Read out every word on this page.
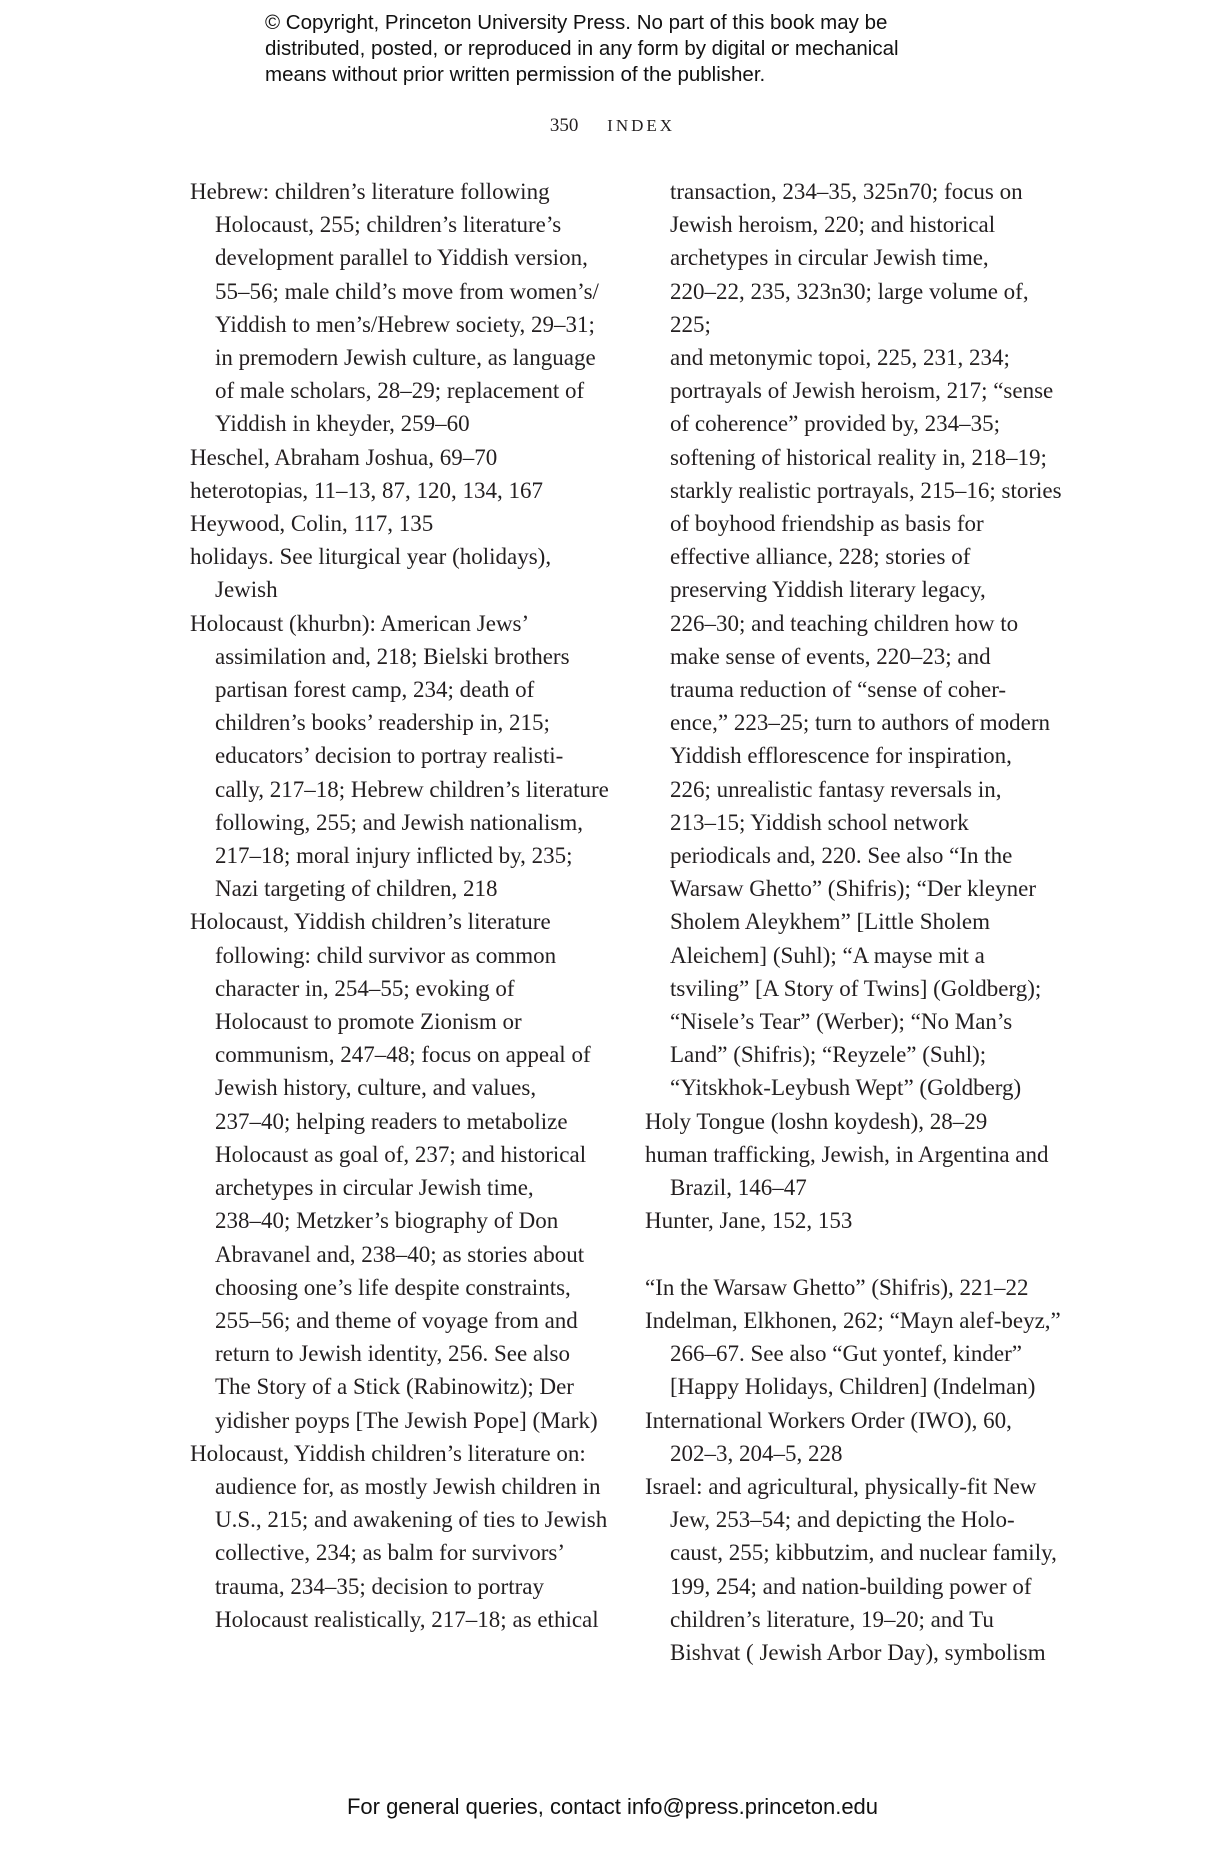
© Copyright, Princeton University Press. No part of this book may be
distributed, posted, or reproduced in any form by digital or mechanical
means without prior written permission of the publisher.
350 INDEX
Hebrew: children’s literature following
Holocaust, 255; children’s literature’s
development parallel to Yiddish version,
55–56; male child’s move from women’s/
Yiddish to men’s/Hebrew society, 29–31;
in premodern Jewish culture, as language
of male scholars, 28–29; replacement of
Yiddish in kheyder, 259–60
Heschel, Abraham Joshua, 69–70
heterotopias, 11–13, 87, 120, 134, 167
Heywood, Colin, 117, 135
holidays. See liturgical year (holidays),
Jewish
Holocaust (khurbn): American Jews’
assimilation and, 218; Bielski brothers
partisan forest camp, 234; death of
children’s books’ readership in, 215;
educators’ decision to portray realisti-
cally, 217–18; Hebrew children’s literature
following, 255; and Jewish nationalism,
217–18; moral injury inflicted by, 235;
Nazi targeting of children, 218
Holocaust, Yiddish children’s literature
following: child survivor as common
character in, 254–55; evoking of
Holocaust to promote Zionism or
communism, 247–48; focus on appeal of
Jewish history, culture, and values,
237–40; helping readers to metabolize
Holocaust as goal of, 237; and historical
archetypes in circular Jewish time,
238–40; Metzker’s biography of Don
Abravanel and, 238–40; as stories about
choosing one’s life despite constraints,
255–56; and theme of voyage from and
return to Jewish identity, 256. See also
The Story of a Stick (Rabinowitz); Der
yidisher poyps [The Jewish Pope] (Mark)
Holocaust, Yiddish children’s literature on:
audience for, as mostly Jewish children in
U.S., 215; and awakening of ties to Jewish
collective, 234; as balm for survivors’
trauma, 234–35; decision to portray
Holocaust realistically, 217–18; as ethical
transaction, 234–35, 325n70; focus on
Jewish heroism, 220; and historical
archetypes in circular Jewish time,
220–22, 235, 323n30; large volume of, 225;
and metonymic topoi, 225, 231, 234;
portrayals of Jewish heroism, 217; “sense
of coherence” provided by, 234–35;
softening of historical reality in, 218–19;
starkly realistic portrayals, 215–16; stories
of boyhood friendship as basis for
effective alliance, 228; stories of
preserving Yiddish literary legacy,
226–30; and teaching children how to
make sense of events, 220–23; and
trauma reduction of “sense of coher-
ence,” 223–25; turn to authors of modern
Yiddish efflorescence for inspiration,
226; unrealistic fantasy reversals in,
213–15; Yiddish school network
periodicals and, 220. See also “In the
Warsaw Ghetto” (Shifris); “Der kleyner
Sholem Aleykhem” [Little Sholem
Aleichem] (Suhl); “A mayse mit a
tsviling” [A Story of Twins] (Goldberg);
“Nisele’s Tear” (Werber); “No Man’s
Land” (Shifris); “Reyzele” (Suhl);
“Yitskhok-Leybush Wept” (Goldberg)
Holy Tongue (loshn koydesh), 28–29
human trafficking, Jewish, in Argentina and
Brazil, 146–47
Hunter, Jane, 152, 153
“In the Warsaw Ghetto” (Shifris), 221–22
Indelman, Elkhonen, 262; “Mayn alef-beyz,”
266–67. See also “Gut yontef, kinder”
[Happy Holidays, Children] (Indelman)
International Workers Order (IWO), 60,
202–3, 204–5, 228
Israel: and agricultural, physically-fit New
Jew, 253–54; and depicting the Holo-
caust, 255; kibbutzim, and nuclear family,
199, 254; and nation-building power of
children’s literature, 19–20; and Tu
Bishvat ( Jewish Arbor Day), symbolism
For general queries, contact info@press.princeton.edu
